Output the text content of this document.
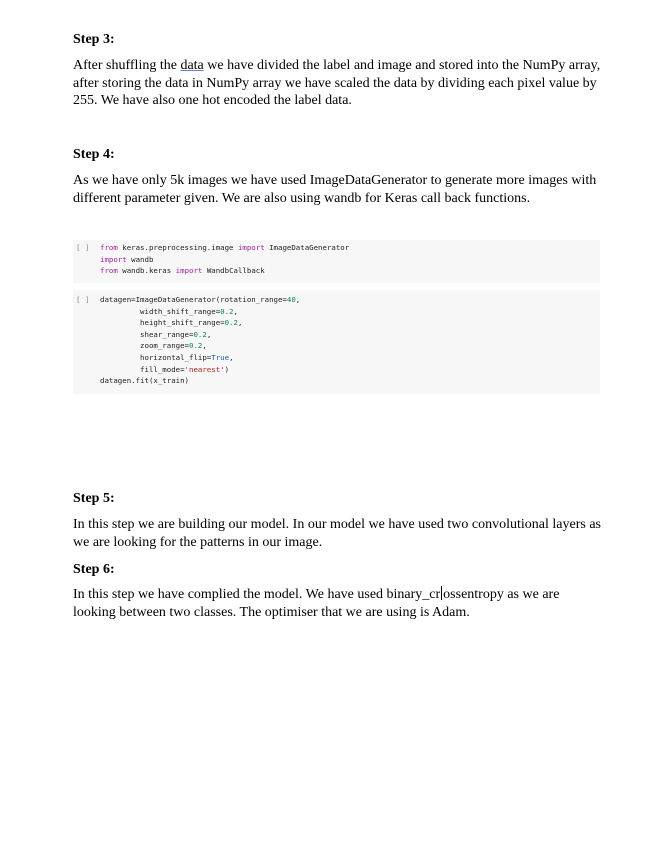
Step 3:
After shuffling the data we have divided the label and image and stored into the NumPy array, after storing the data in NumPy array we have scaled the data by dividing each pixel value by 255. We have also one hot encoded the label data.
Step 4:
As we have only 5k images we have used ImageDataGenerator to generate more images with different parameter given. We are also using wandb for Keras call back functions.
[ ] from keras.preprocessing.image import ImageDataGenerator
import wandb
from wandb.keras import WandbCallback
[ ] datagen=ImageDataGenerator(rotation_range=40,
width_shift_range=0.2,
height_shift_range=0.2,
shear_range=0.2,
zoom_range=0.2,
horizontal_flip=True,
fill_mode='nearest')
datagen.fit(x_train)
Step 5:
In this step we are building our model. In our model we have used two convolutional layers as we are looking for the patterns in our image.
Step 6:
In this step we have complied the model. We have used binary_cr ossentropy as we are looking between two classes. The optimiser that we are using is Adam.
